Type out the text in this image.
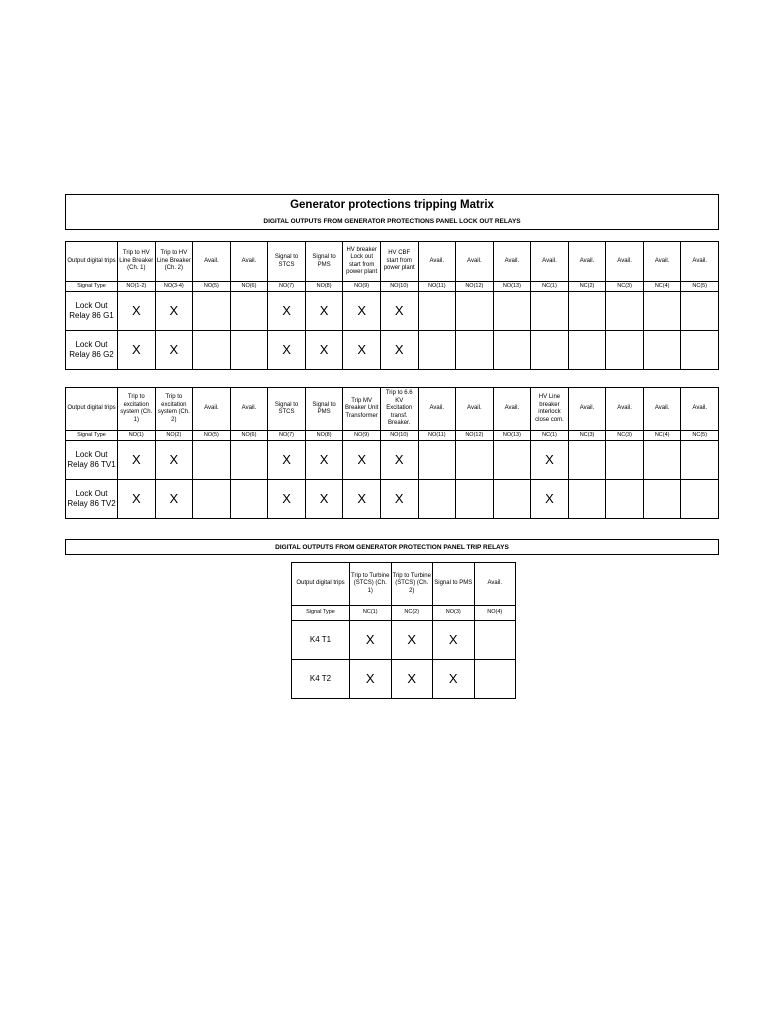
Generator protections tripping Matrix
DIGITAL OUTPUTS FROM GENERATOR PROTECTIONS PANEL LOCK OUT RELAYS
Output digital trips	Trip to HV Line Breaker (Ch. 1)	Trip to HV Line Breaker (Ch. 2)	Avail.	Avail.	Signal to STCS	Signal to PMS	HV breaker Lock out start from power plant	HV CBF start from power plant	Avail.	Avail.	Avail.	Avail.	Avail.	Avail.	Avail.	Avail.
Signal Type	NO(1-2)	NO(3-4)	NO(5)	NO(6)	NO(7)	NO(8)	NO(9)	NO(10)	NO(11)	NO(12)	NO(13)	NC(1)	NC(2)	NC(3)	NC(4)	NC(5)
Lock Out Relay 86 G1	X	X			X	X	X	X								
Lock Out Relay 86 G2	X	X			X	X	X	X								
Output digital trips	Trip to excitation system (Ch. 1)	Trip to excitation system (Ch. 2)	Avail.	Avail.	Signal to STCS	Signal to PMS	Trip MV Breaker Unit Transformer	Trip to 6.6 KV Excitation transf. Breaker.	Avail.	Avail.	Avail.	HV Line breaker interlock close com.	Avail.	Avail.	Avail.	Avail.
Signal Type	NO(1)	NO(2)	NO(5)	NO(6)	NO(7)	NO(8)	NO(9)	NO(10)	NO(11)	NO(12)	NO(13)	NC(1)	NC(3)	NC(3)	NC(4)	NC(5)
Lock Out Relay 86 TV1	X	X			X	X	X	X				X				
Lock Out Relay 86 TV2	X	X			X	X	X	X				X				
DIGITAL OUTPUTS FROM GENERATOR PROTECTION PANEL TRIP RELAYS
Output digital trips	Trip to Turbine (STCS) (Ch. 1)	Trip to Turbine (STCS) (Ch. 2)	Signal to PMS	Avail.
Signal Type	NC(1)	NC(2)	NO(3)	NO(4)
K4 T1	X	X	X	
K4 T2	X	X	X	
